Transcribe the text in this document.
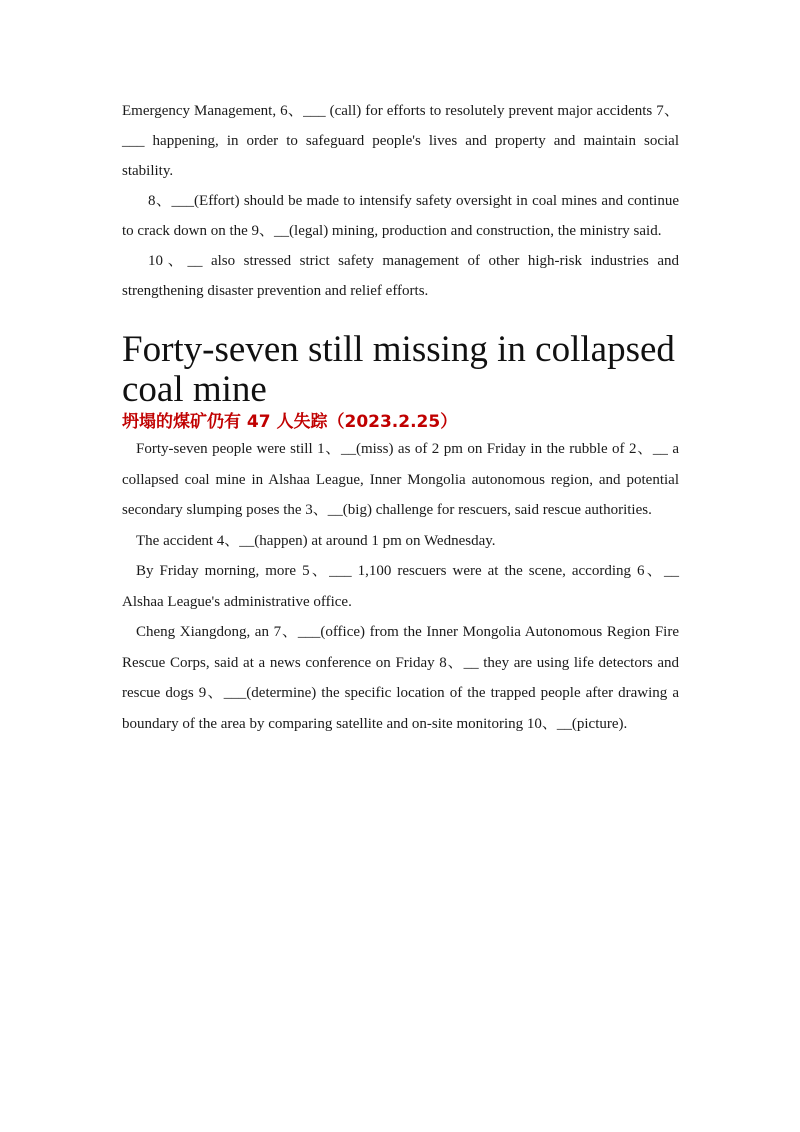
Emergency Management, 6、___ (call) for efforts to resolutely prevent major accidents 7、___ happening, in order to safeguard people's lives and property and maintain social stability.

8、___(Effort) should be made to intensify safety oversight in coal mines and continue to crack down on the 9、__(legal) mining, production and construction, the ministry said.

10、__ also stressed strict safety management of other high-risk industries and strengthening disaster prevention and relief efforts.

Forty-seven still missing in collapsed coal mine
坍塌的煤矿仍有 47 人失踪（2023.2.25）

Forty-seven people were still 1、__(miss) as of 2 pm on Friday in the rubble of 2、__ a collapsed coal mine in Alshaa League, Inner Mongolia autonomous region, and potential secondary slumping poses the 3、__(big) challenge for rescuers, said rescue authorities.

The accident 4、__(happen) at around 1 pm on Wednesday.

By Friday morning, more 5、___ 1,100 rescuers were at the scene, according 6、__ Alshaa League's administrative office.

Cheng Xiangdong, an 7、___(office) from the Inner Mongolia Autonomous Region Fire Rescue Corps, said at a news conference on Friday 8、__ they are using life detectors and rescue dogs 9、___(determine) the specific location of the trapped people after drawing a boundary of the area by comparing satellite and on-site monitoring 10、__(picture).
